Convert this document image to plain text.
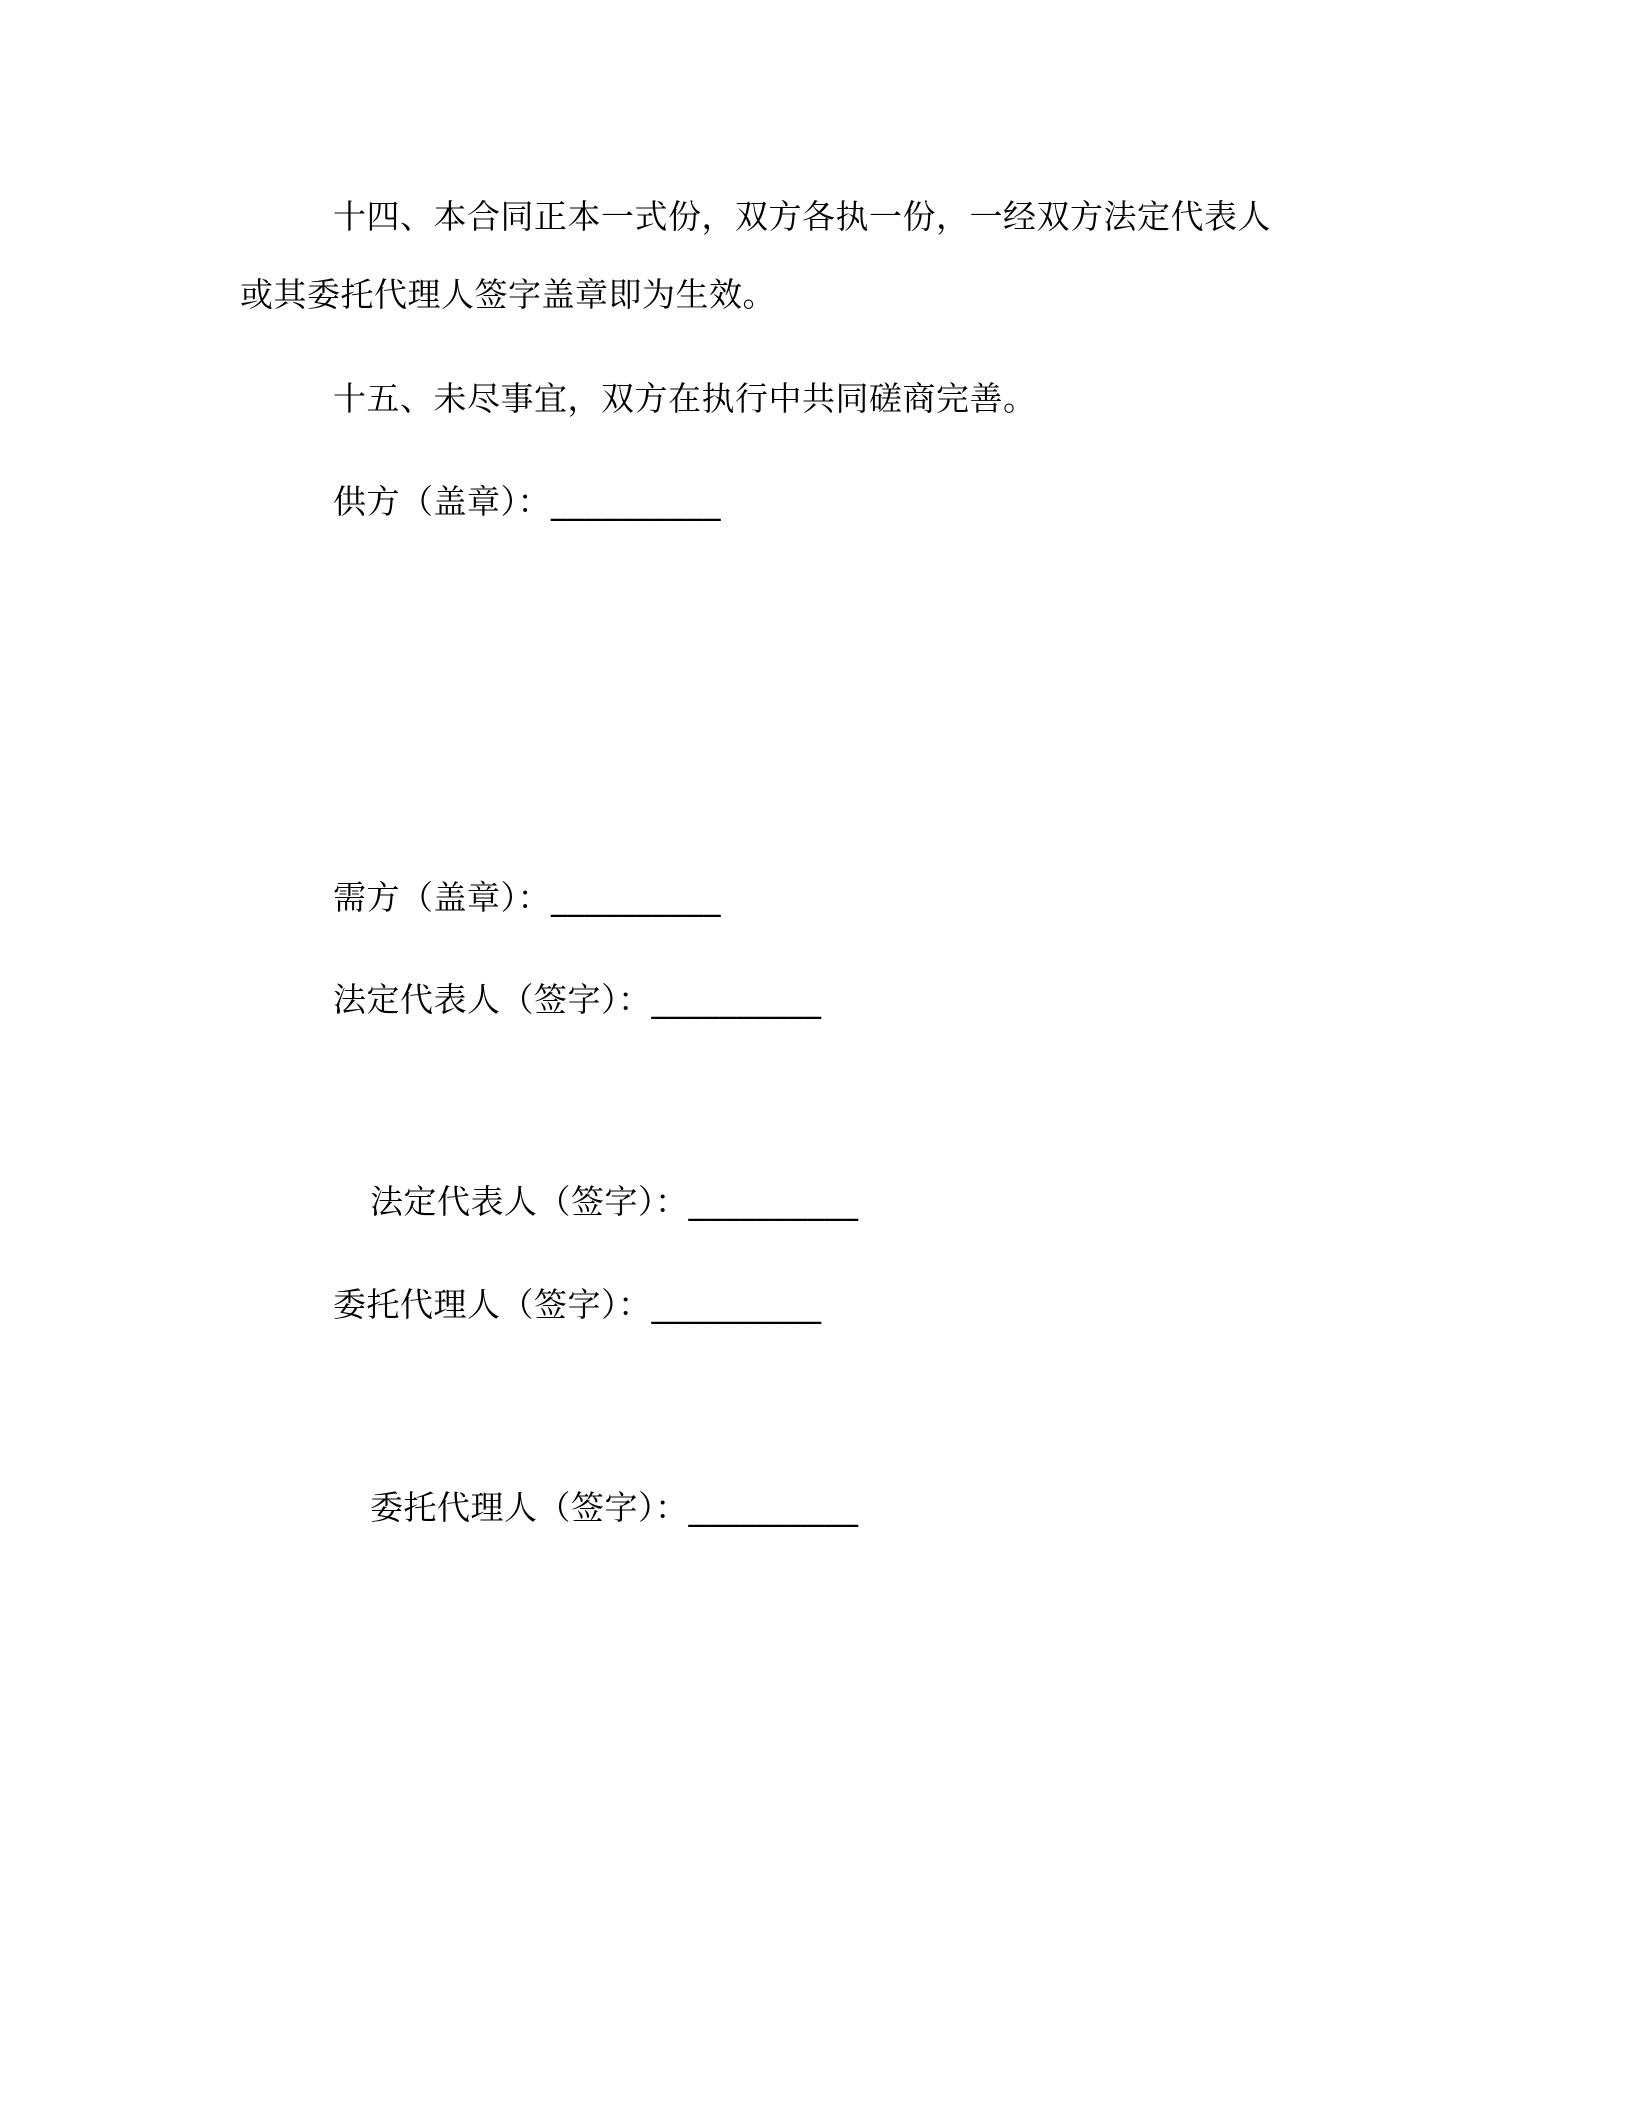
十四、本合同正本一式份，双方各执一份，一经双方法定代表人
或其委托代理人签字盖章即为生效。
十五、未尽事宜，双方在执行中共同磋商完善。
供方（盖章）：__________
需方（盖章）：__________
法定代表人（签字）：__________
法定代表人（签字）：__________
委托代理人（签字）：__________
委托代理人（签字）：__________
